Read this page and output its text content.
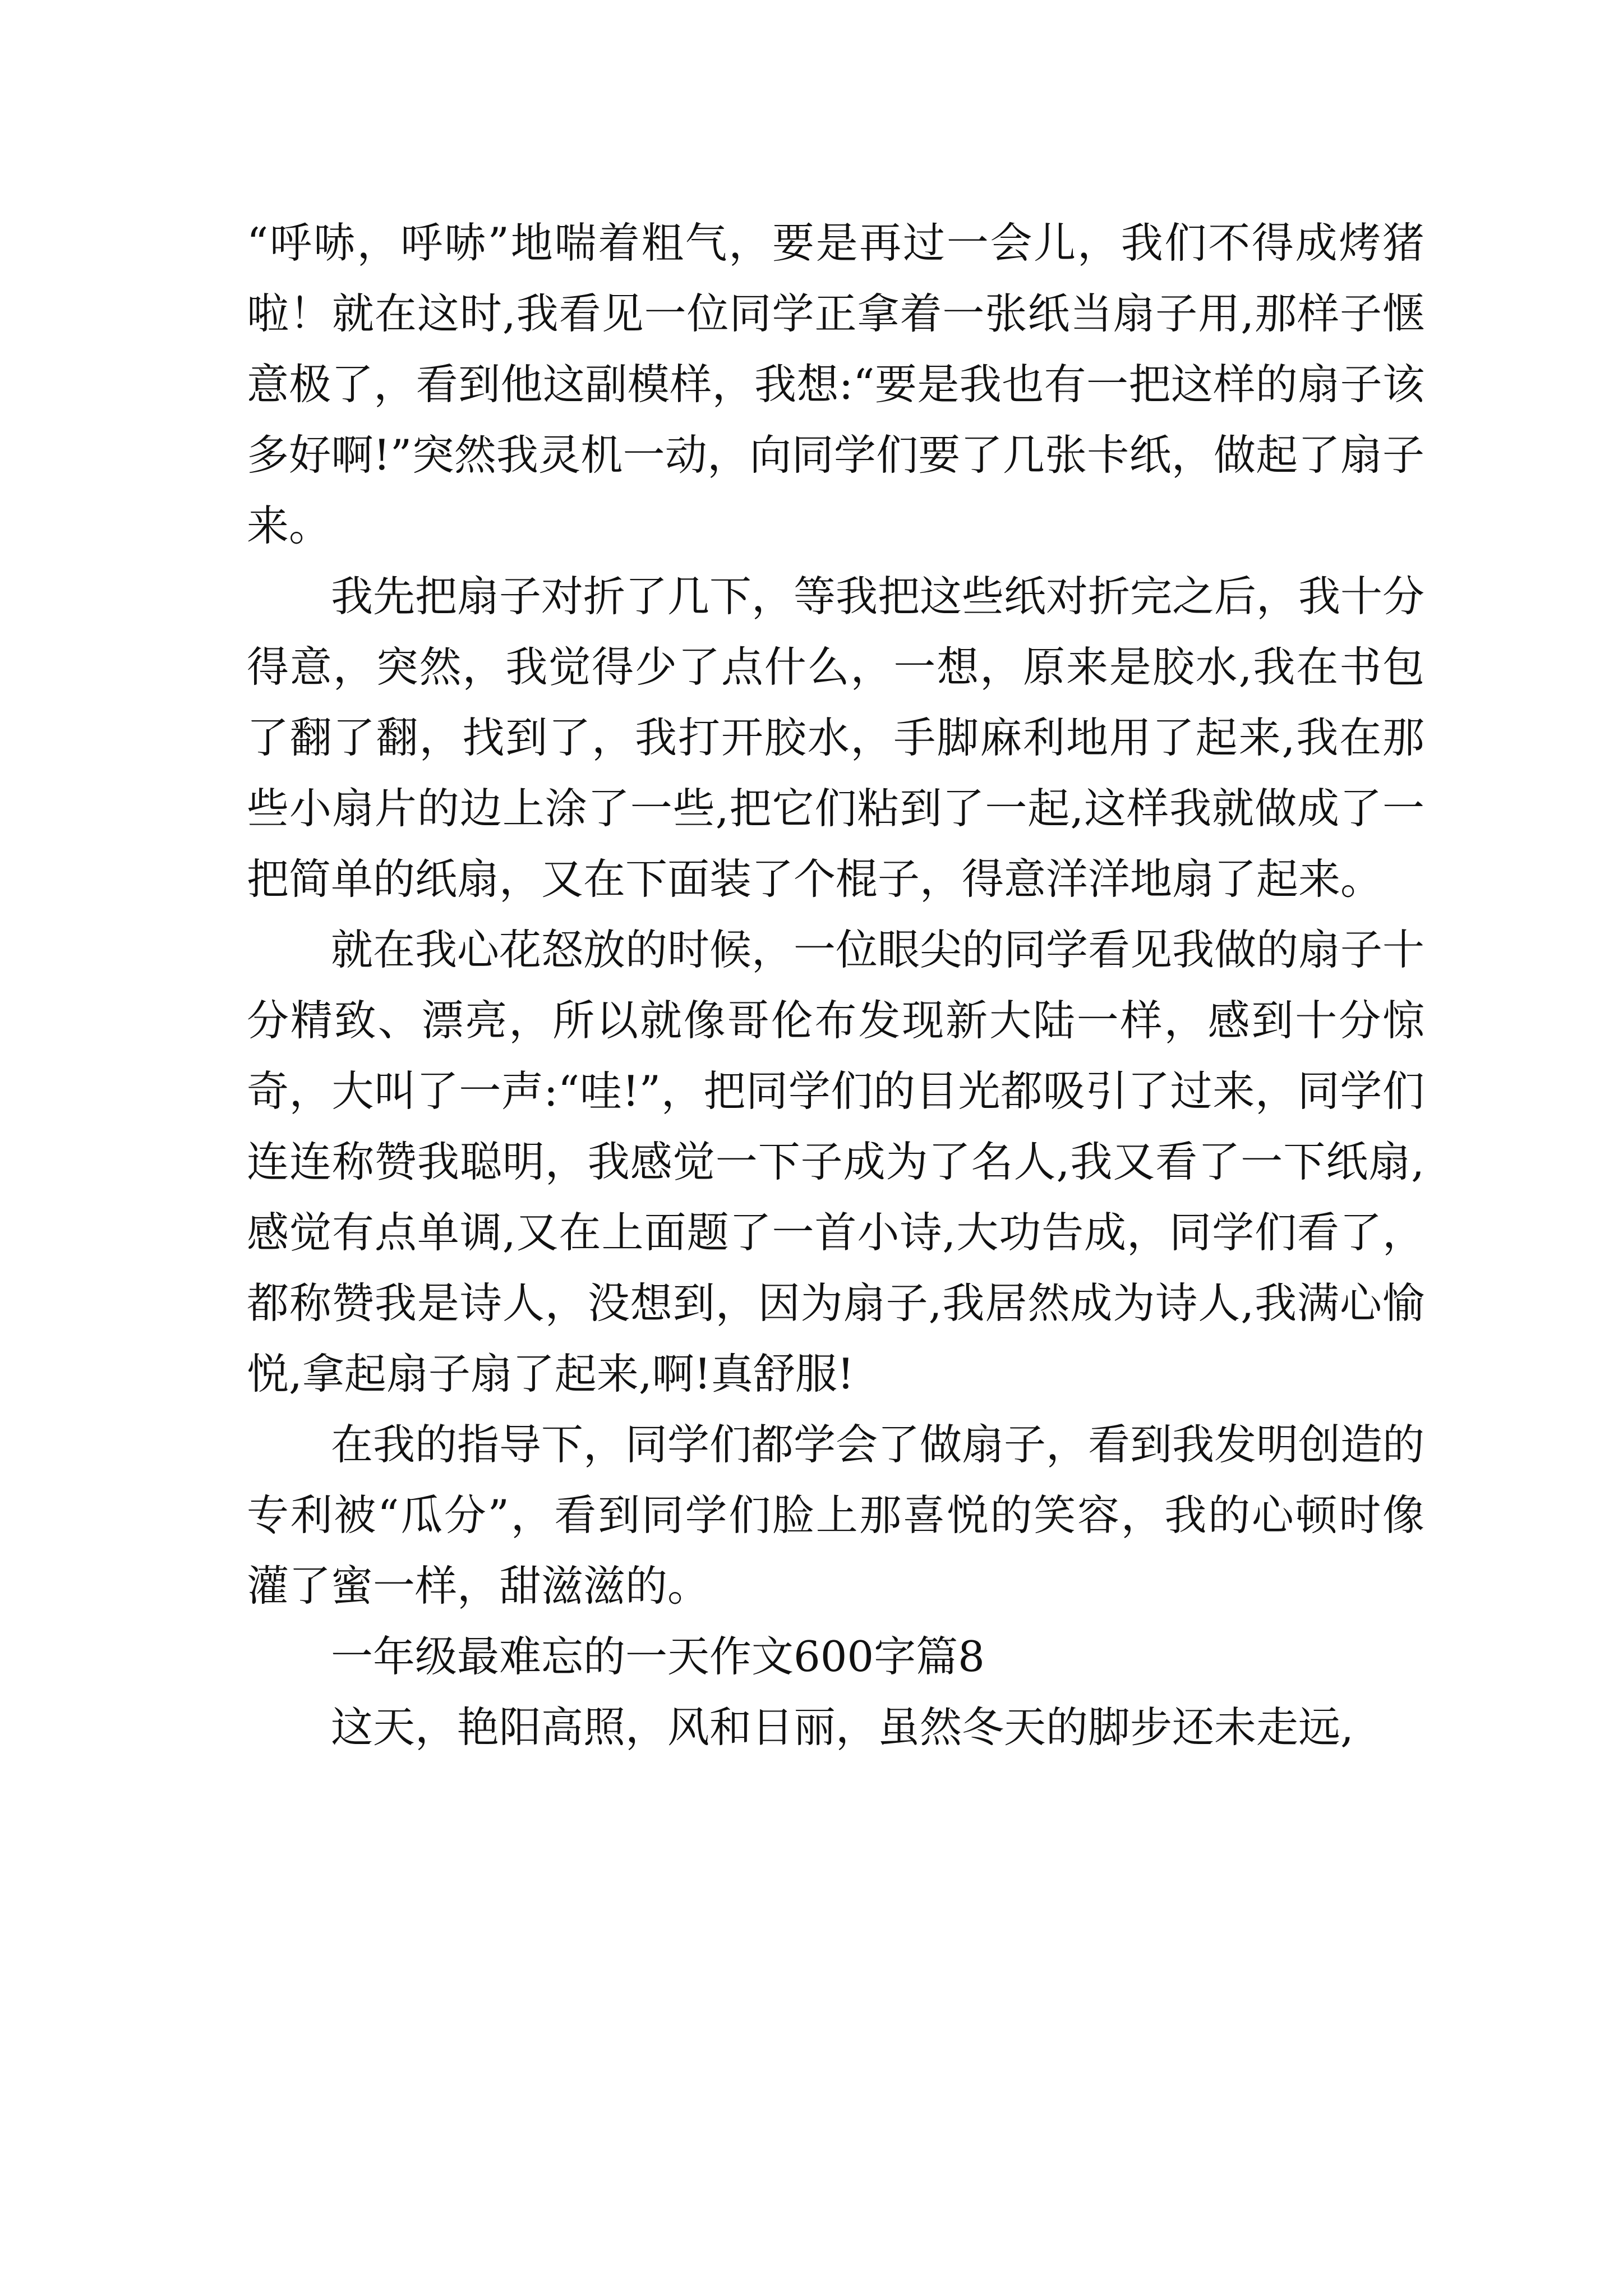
“呼哧，呼哧”地喘着粗气，要是再过一会儿，我们不得成烤猪啦！就在这时,我看见一位同学正拿着一张纸当扇子用,那样子惬意极了，看到他这副模样，我想:“要是我也有一把这样的扇子该多好啊!”突然我灵机一动，向同学们要了几张卡纸，做起了扇子来。

我先把扇子对折了几下，等我把这些纸对折完之后，我十分得意，突然，我觉得少了点什么，一想，原来是胶水,我在书包了翻了翻，找到了，我打开胶水，手脚麻利地用了起来,我在那些小扇片的边上涂了一些,把它们粘到了一起,这样我就做成了一把简单的纸扇，又在下面装了个棍子，得意洋洋地扇了起来。

就在我心花怒放的时候，一位眼尖的同学看见我做的扇子十分精致、漂亮，所以就像哥伦布发现新大陆一样，感到十分惊奇，大叫了一声:“哇!”，把同学们的目光都吸引了过来，同学们连连称赞我聪明，我感觉一下子成为了名人,我又看了一下纸扇,感觉有点单调,又在上面题了一首小诗,大功告成，同学们看了，都称赞我是诗人，没想到，因为扇子,我居然成为诗人,我满心愉悦,拿起扇子扇了起来,啊!真舒服!

在我的指导下，同学们都学会了做扇子，看到我发明创造的专利被“瓜分”，看到同学们脸上那喜悦的笑容，我的心顿时像灌了蜜一样，甜滋滋的。

一年级最难忘的一天作文600字篇8

这天，艳阳高照，风和日丽，虽然冬天的脚步还未走远,
